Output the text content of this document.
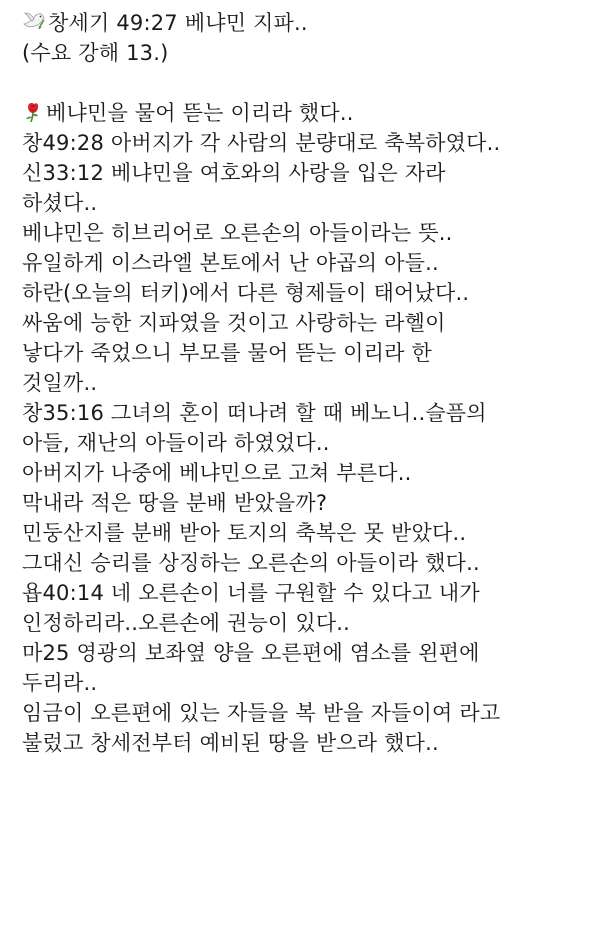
창세기 49:27 베냐민 지파..
(수요 강해 13.)
베냐민을 물어 뜯는 이리라 했다..
창49:28 아버지가 각 사람의 분량대로 축복하였다..
신33:12 베냐민을 여호와의 사랑을 입은 자라
하셨다..
베냐민은 히브리어로 오른손의 아들이라는 뜻..
유일하게 이스라엘 본토에서 난 야곱의 아들..
하란(오늘의 터키)에서 다른 형제들이 태어났다..
싸움에 능한 지파였을 것이고 사랑하는 라헬이
낳다가 죽었으니 부모를 물어 뜯는 이리라 한
것일까..
창35:16 그녀의 혼이 떠나려 할 때 베노니..슬픔의
아들, 재난의 아들이라 하였었다..
아버지가 나중에 베냐민으로 고쳐 부른다..
막내라 적은 땅을 분배 받았을까?
민둥산지를 분배 받아 토지의 축복은 못 받았다..
그대신 승리를 상징하는 오른손의 아들이라 했다..
욥40:14 네 오른손이 너를 구원할 수 있다고 내가
인정하리라..오른손에 권능이 있다..
마25 영광의 보좌옆 양을 오른편에 염소를 왼편에
두리라..
임금이 오른편에 있는 자들을 복 받을 자들이여 라고
불렀고 창세전부터 예비된 땅을 받으라 했다..
